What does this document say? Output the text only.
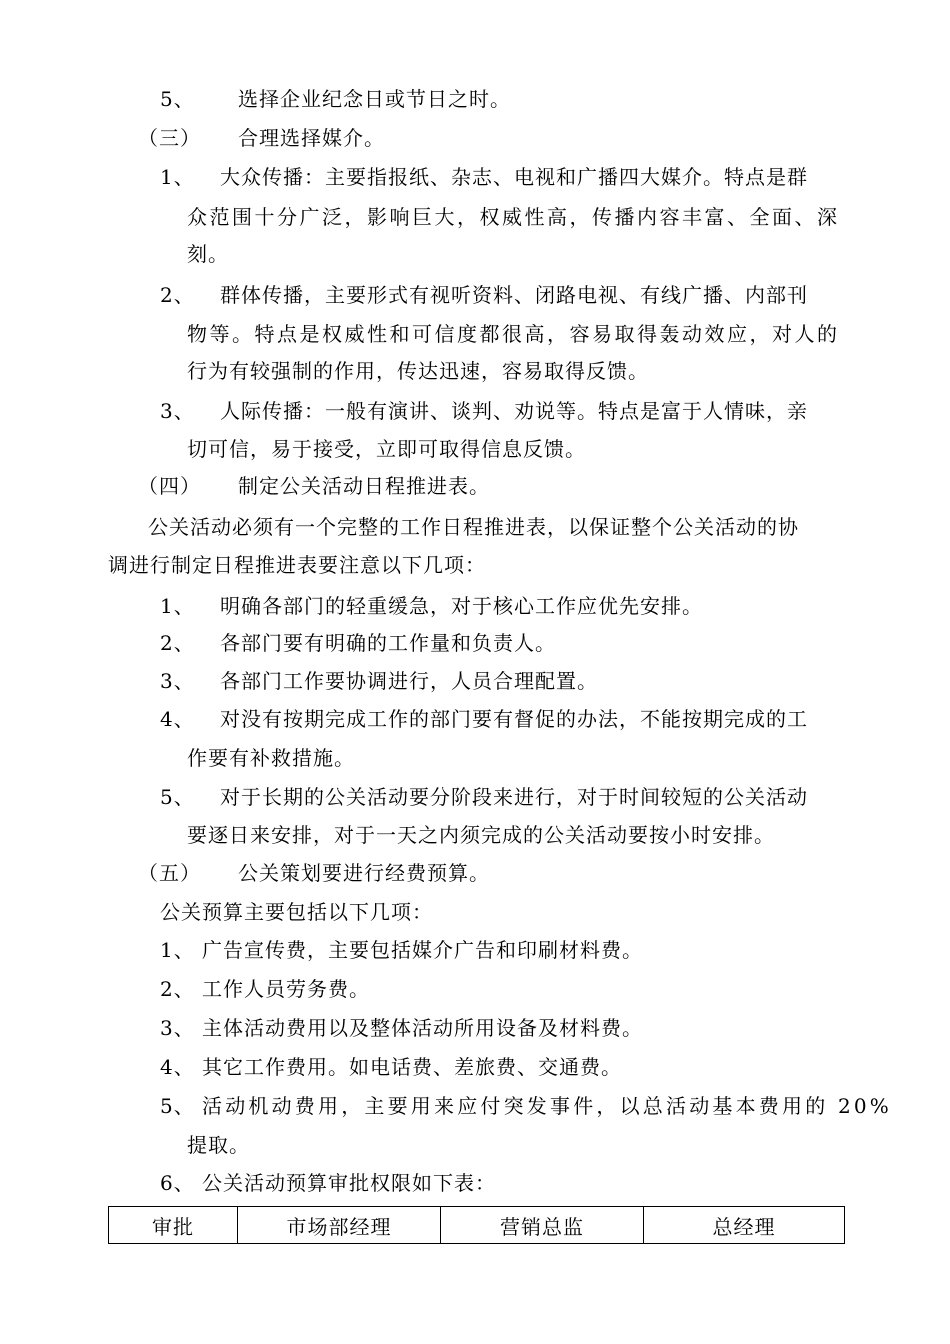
5、 选择企业纪念日或节日之时。
（三） 合理选择媒介。
1、 大众传播：主要指报纸、杂志、电视和广播四大媒介。特点是群
众范围十分广泛，影响巨大，权威性高，传播内容丰富、全面、深
刻。
2、 群体传播，主要形式有视听资料、闭路电视、有线广播、内部刊
物等。特点是权威性和可信度都很高，容易取得轰动效应，对人的
行为有较强制的作用，传达迅速，容易取得反馈。
3、 人际传播：一般有演讲、谈判、劝说等。特点是富于人情味，亲
切可信，易于接受，立即可取得信息反馈。
（四） 制定公关活动日程推进表。
公关活动必须有一个完整的工作日程推进表，以保证整个公关活动的协
调进行制定日程推进表要注意以下几项：
1、 明确各部门的轻重缓急，对于核心工作应优先安排。
2、 各部门要有明确的工作量和负责人。
3、 各部门工作要协调进行，人员合理配置。
4、 对没有按期完成工作的部门要有督促的办法，不能按期完成的工
作要有补救措施。
5、 对于长期的公关活动要分阶段来进行，对于时间较短的公关活动
要逐日来安排，对于一天之内须完成的公关活动要按小时安排。
（五） 公关策划要进行经费预算。
公关预算主要包括以下几项：
1、 广告宣传费，主要包括媒介广告和印刷材料费。
2、 工作人员劳务费。
3、 主体活动费用以及整体活动所用设备及材料费。
4、 其它工作费用。如电话费、差旅费、交通费。
5、 活动机动费用，主要用来应付突发事件，以总活动基本费用的 20%
提取。
6、 公关活动预算审批权限如下表：
审批	市场部经理	营销总监	总经理
